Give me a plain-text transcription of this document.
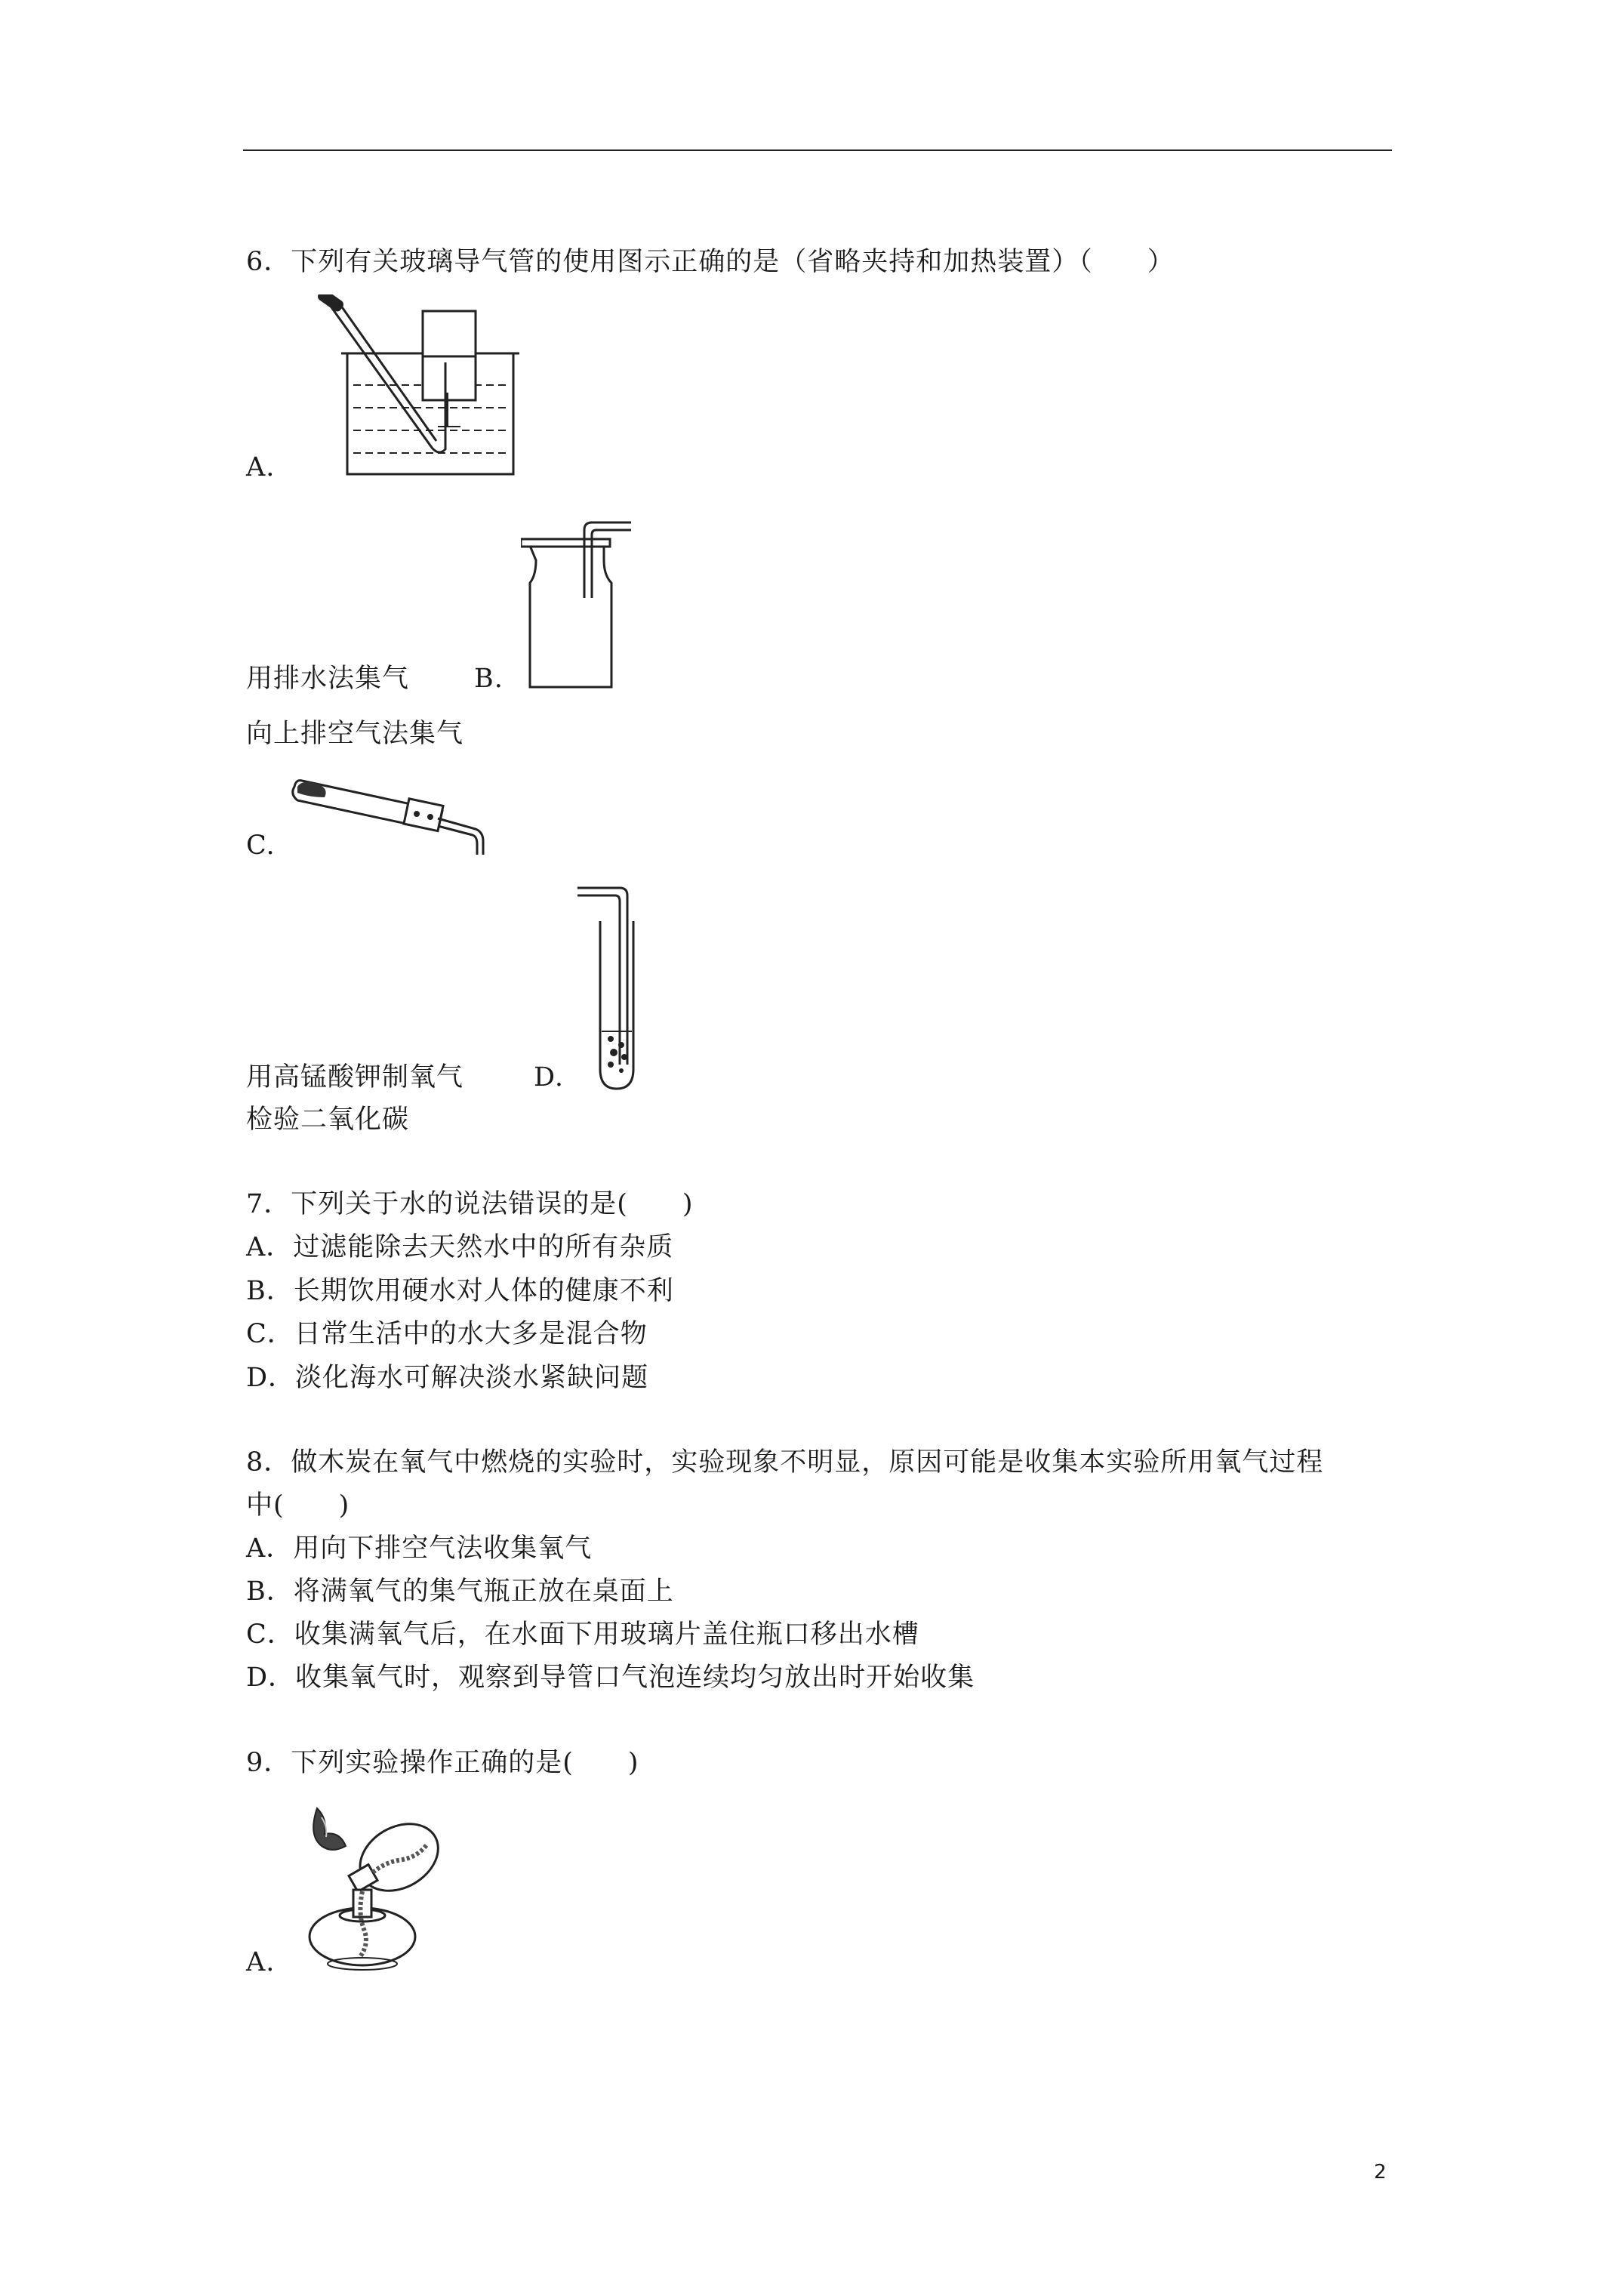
6．下列有关玻璃导气管的使用图示正确的是（省略夹持和加热装置）（　　）
A.
用排水法集气 B.
向上排空气法集气
C.
用高锰酸钾制氧气	D.
检验二氧化碳
7．下列关于水的说法错误的是(　　)
A．过滤能除去天然水中的所有杂质
B．长期饮用硬水对人体的健康不利
C．日常生活中的水大多是混合物
D．淡化海水可解决淡水紧缺问题
8．做木炭在氧气中燃烧的实验时，实验现象不明显，原因可能是收集本实验所用氧气过程
中(　　)
A．用向下排空气法收集氧气
B．将满氧气的集气瓶正放在桌面上
C．收集满氧气后，在水面下用玻璃片盖住瓶口移出水槽
D．收集氧气时，观察到导管口气泡连续均匀放出时开始收集
9．下列实验操作正确的是(　　)
A.
2
